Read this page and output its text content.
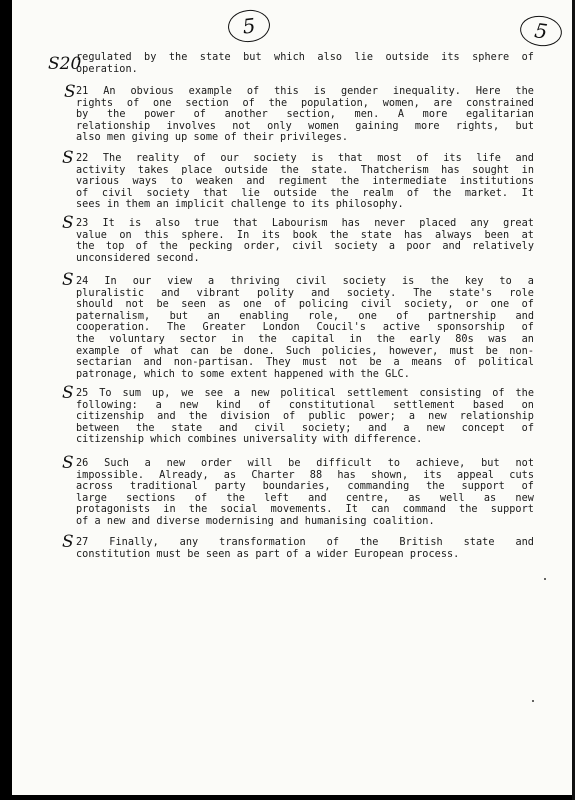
5	5
S20
regulated by the state but which also lie outside its sphere of
operation.
S 21 An obvious example of this is gender inequality. Here the
rights of one section of the population, women, are constrained
by the power of another section, men. A more egalitarian
relationship involves not only women gaining more rights, but
also men giving up some of their privileges.
S 22 The reality of our society is that most of its life and
activity takes place outside the state. Thatcherism has sought in
various ways to weaken and regiment the intermediate institutions
of civil society that lie outside the realm of the market. It
sees in them an implicit challenge to its philosophy.
S 23 It is also true that Labourism has never placed any great
value on this sphere. In its book the state has always been at
the top of the pecking order, civil society a poor and relatively
unconsidered second.
S 24 In our view a thriving civil society is the key to a
pluralistic and vibrant polity and society. The state's role
should not be seen as one of policing civil society, or one of
paternalism, but an enabling role, one of partnership and
cooperation. The Greater London Coucil's active sponsorship of
the voluntary sector in the capital in the early 80s was an
example of what can be done. Such policies, however, must be non-
sectarian and non-partisan. They must not be a means of political
patronage, which to some extent happened with the GLC.
S 25 To sum up, we see a new political settlement consisting of the
following: a new kind of constitutional settlement based on
citizenship and the division of public power; a new relationship
between the state and civil society; and a new concept of
citizenship which combines universality with difference.
S 26 Such a new order will be difficult to achieve, but not
impossible. Already, as Charter 88 has shown, its appeal cuts
across traditional party boundaries, commanding the support of
large sections of the left and centre, as well as new
protagonists in the social movements. It can command the support
of a new and diverse modernising and humanising coalition.
S 27 Finally, any transformation of the British state and
constitution must be seen as part of a wider European process.
